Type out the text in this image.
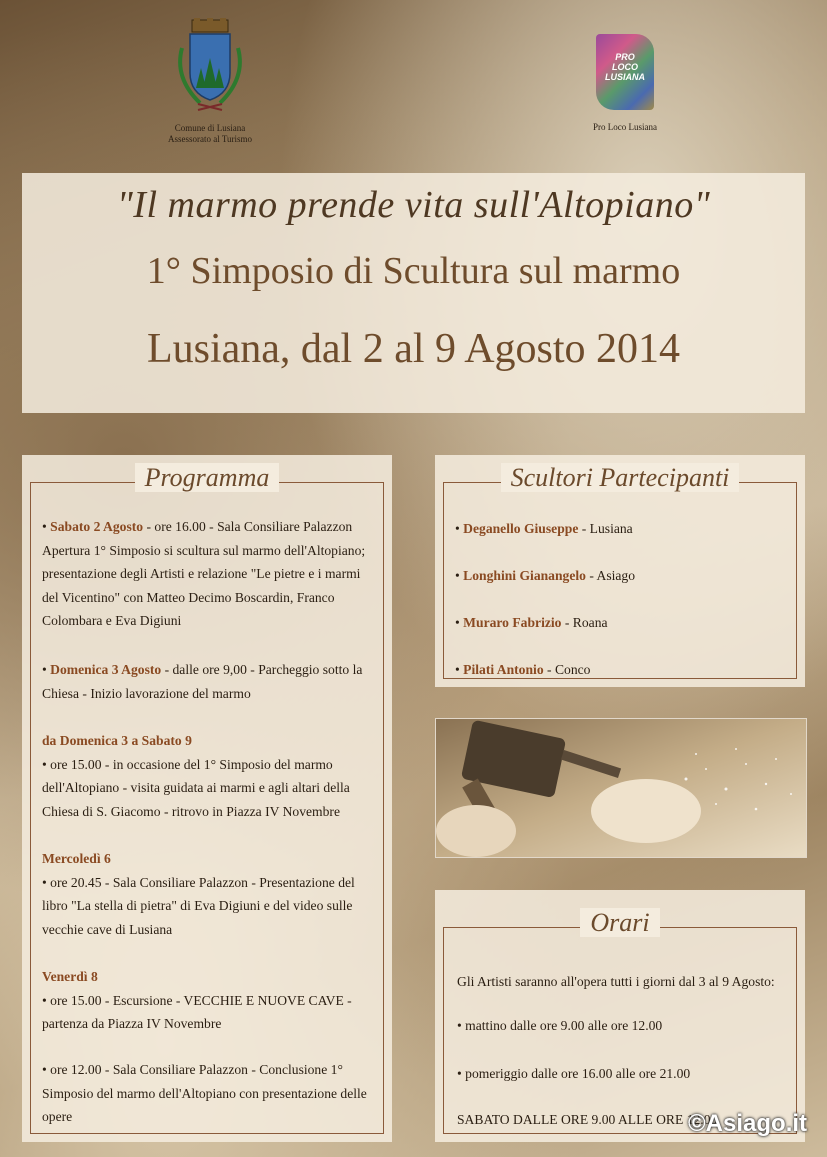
Comune di Lusiana
Assessorato al Turismo
PRO
LOCO
LUSIANA
Pro Loco Lusiana
"Il marmo prende vita sull'Altopiano"
1° Simposio di Scultura sul marmo
Lusiana, dal 2 al 9 Agosto 2014
Programma
• Sabato 2 Agosto - ore 16.00 - Sala Consiliare Palazzon
Apertura 1° Simposio si scultura sul marmo dell'Altopiano; presentazione degli Artisti e relazione "Le pietre e i marmi del Vicentino" con Matteo Decimo Boscardin, Franco Colombara e Eva Digiuni
• Domenica 3 Agosto - dalle ore 9,00 - Parcheggio sotto la Chiesa - Inizio lavorazione del marmo
da Domenica 3 a Sabato 9
• ore 15.00 - in occasione del 1° Simposio del marmo dell'Altopiano - visita guidata ai marmi e agli altari della Chiesa di S. Giacomo - ritrovo in Piazza IV Novembre
Mercoledì 6
• ore 20.45 - Sala Consiliare Palazzon - Presentazione del libro "La stella di pietra" di Eva Digiuni e del video sulle vecchie cave di Lusiana
Venerdì 8
• ore 15.00 - Escursione - VECCHIE E NUOVE CAVE - partenza da Piazza IV Novembre
• ore 12.00 - Sala Consiliare Palazzon - Conclusione 1° Simposio del marmo dell'Altopiano con presentazione delle opere
Scultori Partecipanti
• Deganello Giuseppe - Lusiana
• Longhini Gianangelo - Asiago
• Muraro Fabrizio - Roana
• Pilati Antonio - Conco
Orari
Gli Artisti saranno all'opera tutti i giorni dal 3 al 9 Agosto:
• mattino dalle ore 9.00 alle ore 12.00
• pomeriggio dalle ore 16.00 alle ore 21.00
SABATO DALLE ORE 9.00 ALLE ORE 12.00
©Asiago.it
